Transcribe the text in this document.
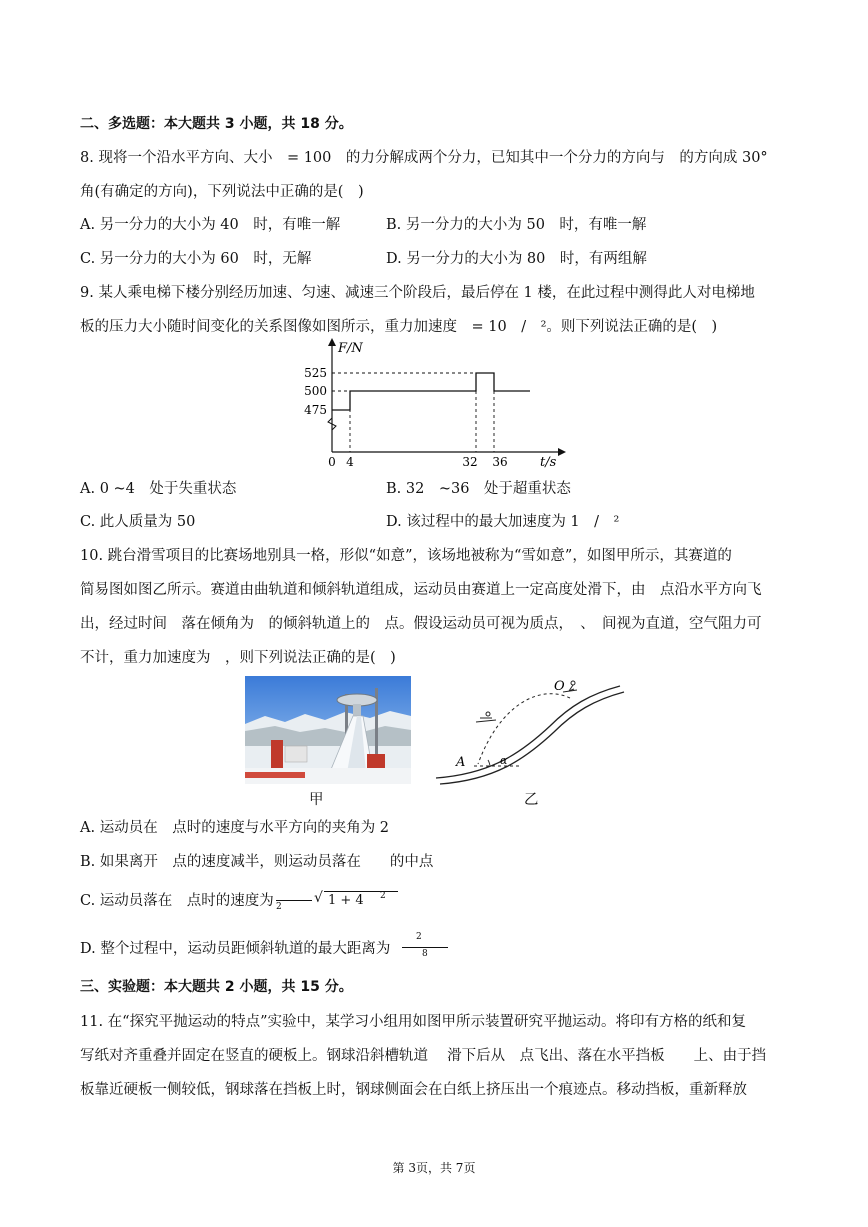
二、多选题：本大题共 3 小题，共 18 分。
8. 现将一个沿水平方向、大小　= 100　的力分解成两个分力，已知其中一个分力的方向与　的方向成 30°
角(有确定的方向)，下列说法中正确的是(　)
A. 另一分力的大小为 40　时，有唯一解	B. 另一分力的大小为 50　时，有唯一解
C. 另一分力的大小为 60　时，无解	D. 另一分力的大小为 80　时，有两组解
9. 某人乘电梯下楼分别经历加速、匀速、减速三个阶段后，最后停在 1 楼，在此过程中测得此人对电梯地
板的压力大小随时间变化的关系图像如图所示，重力加速度　= 10　/　²。则下列说法正确的是(　)
F/N
t/s
525
500
475
0 4	32 36
A. 0 ~4　处于失重状态	B. 32　~36　处于超重状态
C. 此人质量为 50	D. 该过程中的最大加速度为 1　/　²
10. 跳台滑雪项目的比赛场地别具一格，形似“如意”，该场地被称为“雪如意”，如图甲所示，其赛道的
简易图如图乙所示。赛道由曲轨道和倾斜轨道组成，运动员由赛道上一定高度处滑下，由　点沿水平方向飞
出，经过时间　落在倾角为　的倾斜轨道上的　点。假设运动员可视为质点，　、　间视为直道，空气阻力可
不计，重力加速度为　，则下列说法正确的是(　)
甲
O
A	α
乙
A. 运动员在　点时的速度与水平方向的夹角为 2
B. 如果离开　点的速度减半，则运动员落在　　的中点
C. 运动员落在　点时的速度为 2
√ 1 + 4 2
D. 整个过程中，运动员距倾斜轨道的最大距离为
2
8
三、实验题：本大题共 2 小题，共 15 分。
11. 在“探究平抛运动的特点”实验中，某学习小组用如图甲所示装置研究平抛运动。将印有方格的纸和复
写纸对齐重叠并固定在竖直的硬板上。钢球沿斜槽轨道　 滑下后从　点飞出、落在水平挡板　　上、由于挡
板靠近硬板一侧较低，钢球落在挡板上时，钢球侧面会在白纸上挤压出一个痕迹点。移动挡板，重新释放
第 3页，共 7页
